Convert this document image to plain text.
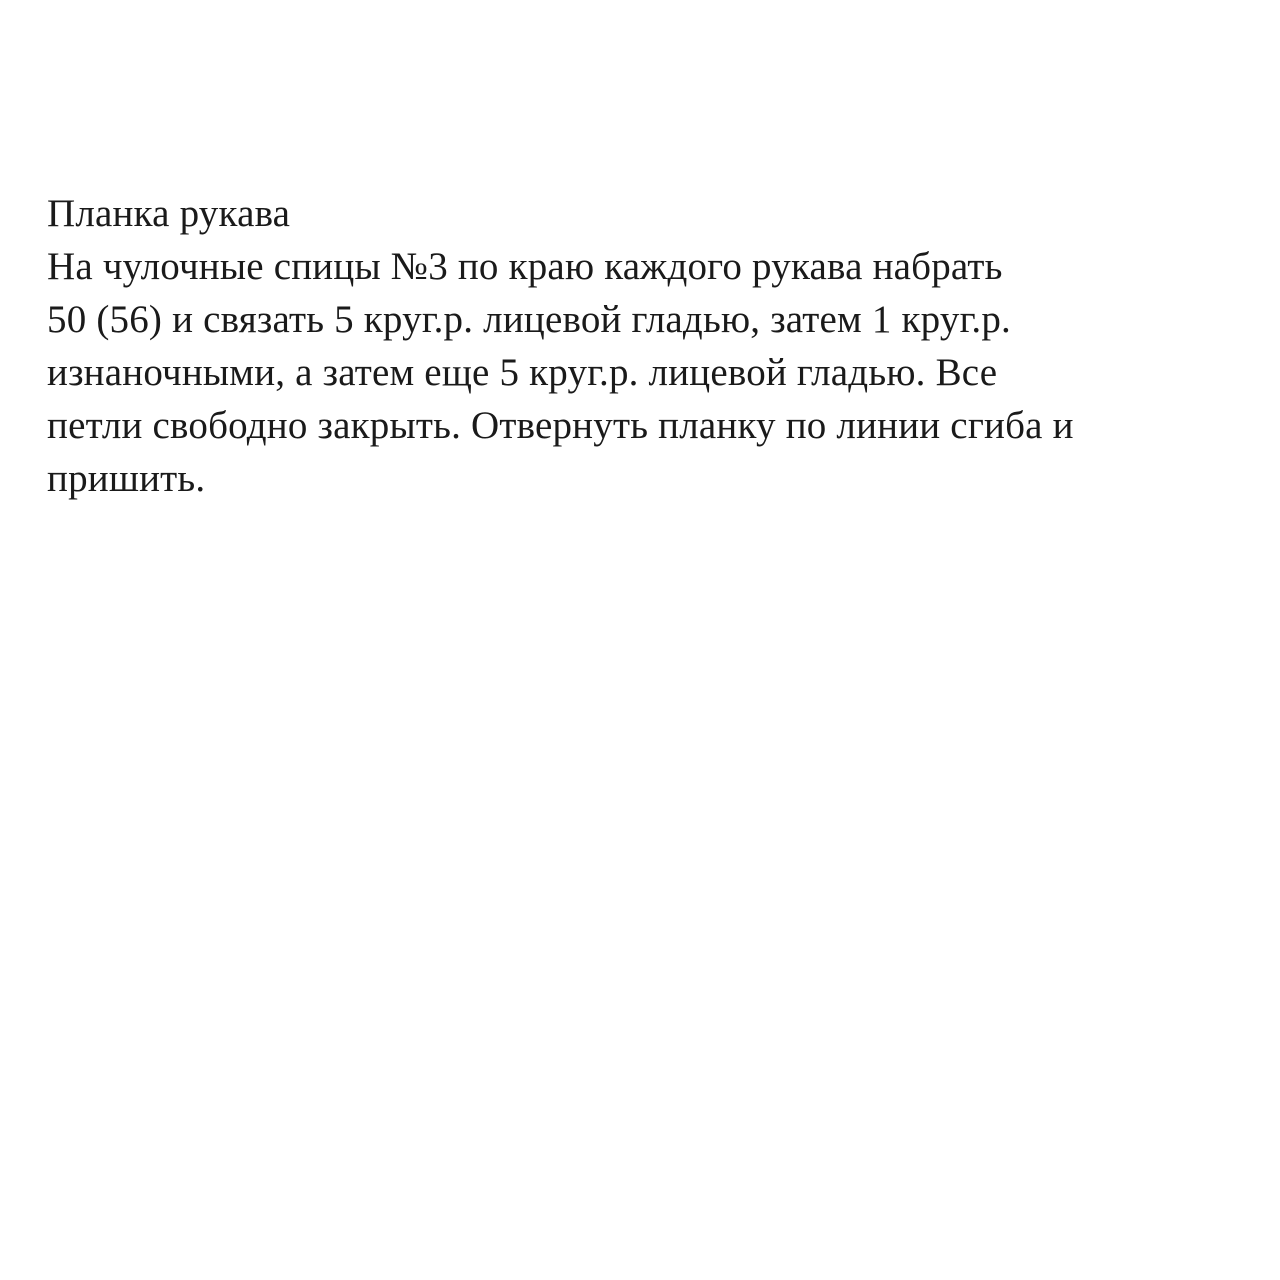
Планка рукава
На чулочные спицы №3 по краю каждого рукава набрать
50 (56) и связать 5 круг.р. лицевой гладью, затем 1 круг.р.
изнаночными, а затем еще 5 круг.р. лицевой гладью. Все
петли свободно закрыть. Отвернуть планку по линии сгиба и
пришить.
